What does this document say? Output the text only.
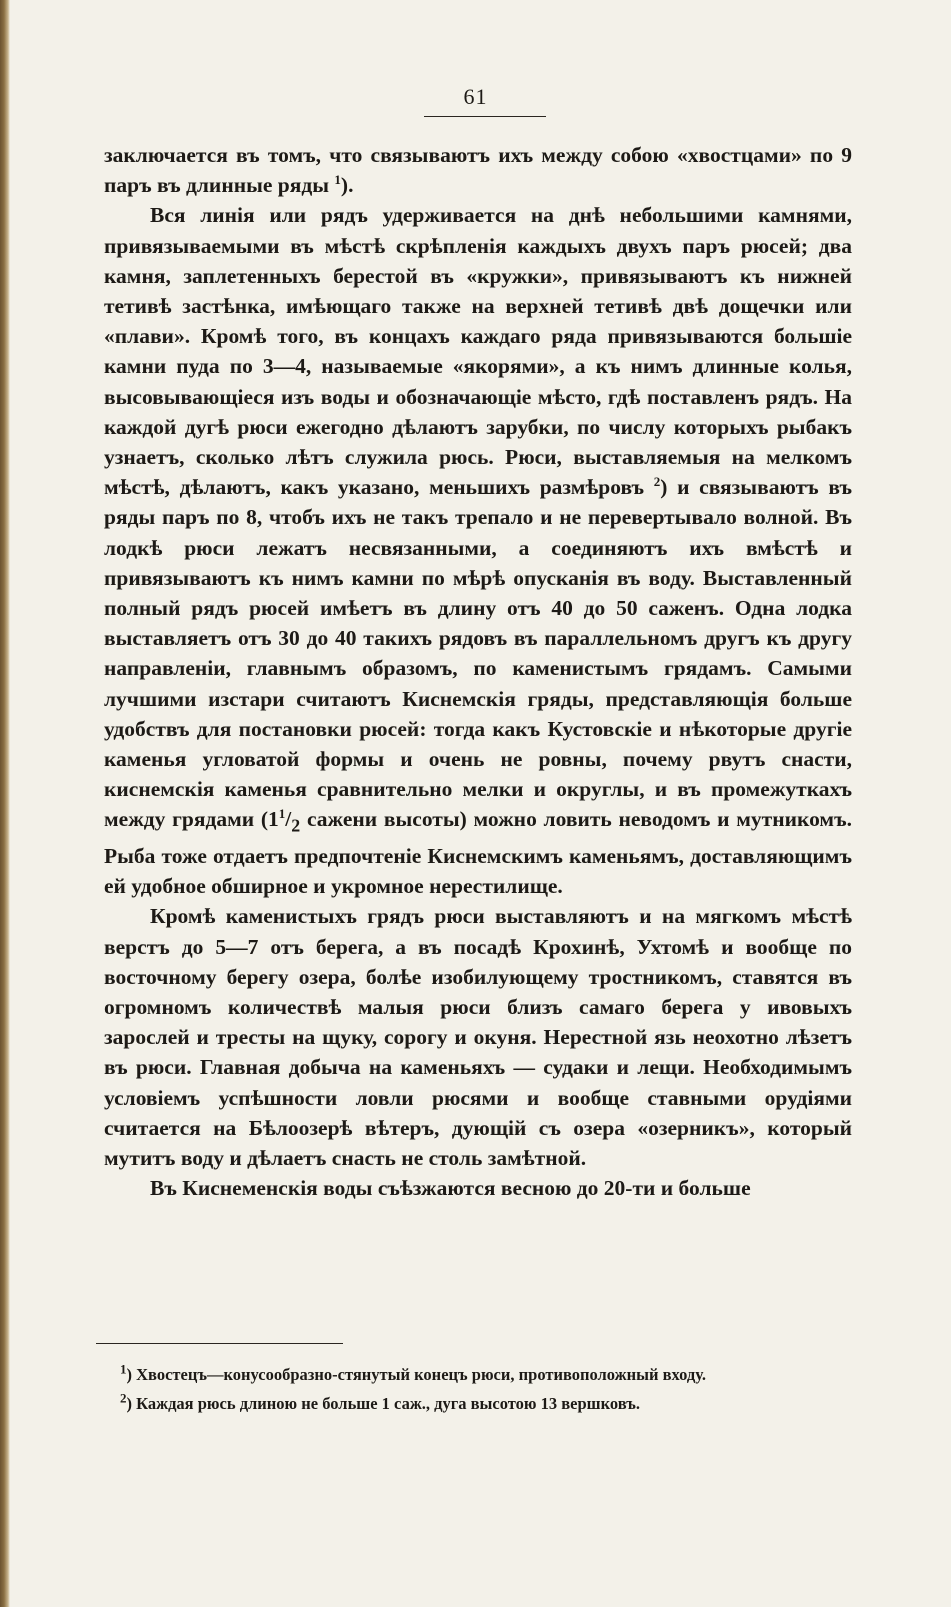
61

заключается въ томъ, что связываютъ ихъ между собою «хвостцами» по 9 паръ въ длинные ряды $^1$).

Вся линія или рядъ удерживается на днѣ небольшими камнями, привязываемыми въ мѣстѣ скрѣпленія каждыхъ двухъ паръ рюсей; два камня, заплетенныхъ берестой въ «кружки», привязываютъ къ нижней тетивѣ застѣнка, имѣющаго также на верхней тетивѣ двѣ дощечки или «плави». Кромѣ того, въ концахъ каждаго ряда привязываются большіе камни пуда по 3—4, называемые «якорями», а къ нимъ длинные колья, высовывающіеся изъ воды и обозначающіе мѣсто, гдѣ поставленъ рядъ. На каждой дугѣ рюси ежегодно дѣлаютъ зарубки, по числу которыхъ рыбакъ узнаетъ, сколько лѣтъ служила рюсь. Рюси, выставляемыя на мелкомъ мѣстѣ, дѣлаютъ, какъ указано, меньшихъ размѣровъ $^2$) и связываютъ въ ряды паръ по 8, чтобъ ихъ не такъ трепало и не перевертывало волной. Въ лодкѣ рюси лежатъ несвязанными, а соединяютъ ихъ вмѣстѣ и привязываютъ къ нимъ камни по мѣрѣ опусканія въ воду. Выставленный полный рядъ рюсей имѣетъ въ длину отъ 40 до 50 саженъ. Одна лодка выставляетъ отъ 30 до 40 такихъ рядовъ въ параллельномъ другъ къ другу направленіи, главнымъ образомъ, по каменистымъ грядамъ. Самыми лучшими изстари считаютъ Киснемскія гряды, представляющія больше удобствъ для постановки рюсей: тогда какъ Кустовскіе и нѣкоторые другіе каменья угловатой формы и очень не ровны, почему рвутъ снасти, киснемскія каменья сравнительно мелки и округлы, и въ промежуткахъ между грядами ($1^1/_2$ сажени высоты) можно ловить неводомъ и мутникомъ. Рыба тоже отдаетъ предпочтеніе Киснемскимъ каменьямъ, доставляющимъ ей удобное обширное и укромное нерестилище.

Кромѣ каменистыхъ грядъ рюси выставляютъ и на мягкомъ мѣстѣ верстъ до 5—7 отъ берега, а въ посадѣ Крохинѣ, Ухтомѣ и вообще по восточному берегу озера, болѣе изобилующему тростникомъ, ставятся въ огромномъ количествѣ малыя рюси близъ самаго берега у ивовыхъ зарослей и тресты на щуку, сорогу и окуня. Нерестной язь неохотно лѣзетъ въ рюси. Главная добыча на каменьяхъ — судаки и лещи. Необходимымъ условіемъ успѣшности ловли рюсями и вообще ставными орудіями считается на Бѣлоозерѣ вѣтеръ, дующій съ озера «озерникъ», который мутитъ воду и дѣлаетъ снасть не столь замѣтной.

Въ Киснеменскія воды съѣзжаются весною до 20-ти и больше

$^1$) Хвостецъ—конусообразно-стянутый конецъ рюси, противоположный входу.

$^2$) Каждая рюсь длиною не больше 1 саж., дуга высотою 13 вершковъ.
